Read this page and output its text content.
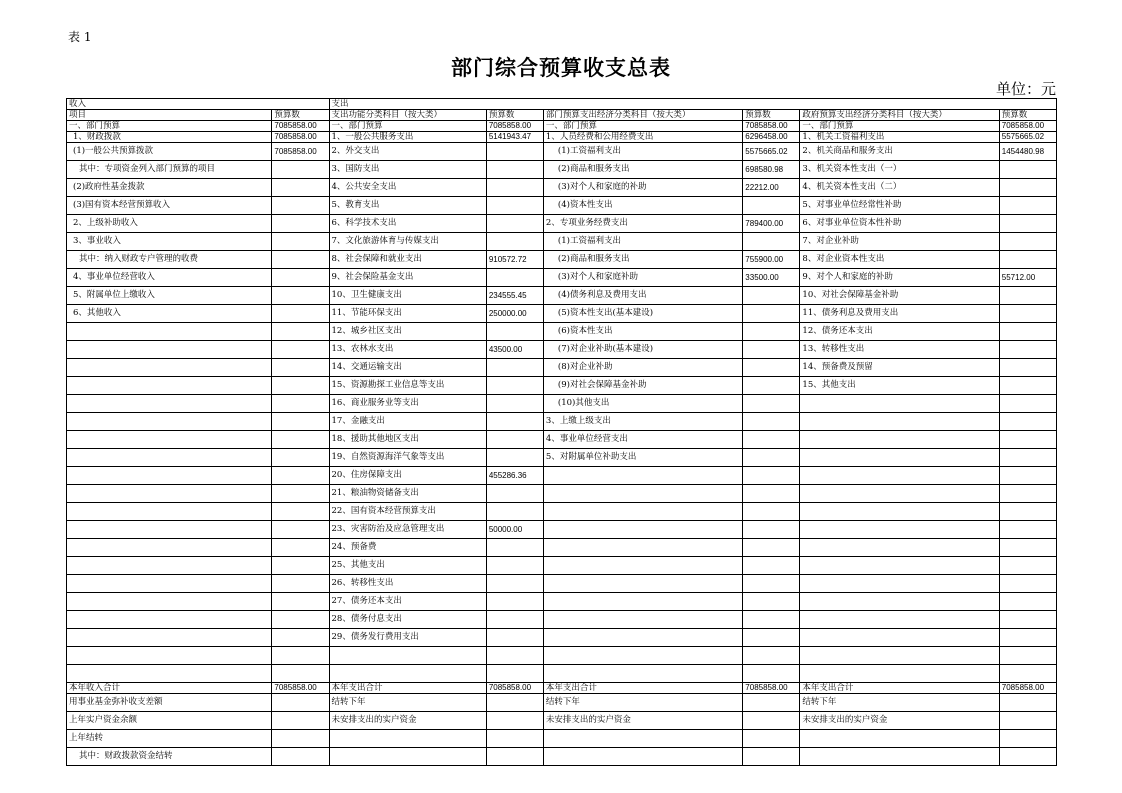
表 1
部门综合预算收支总表
单位：元
收入		支出					
项目	预算数	支出功能分类科目（按大类）	预算数	部门预算支出经济分类科目（按大类）	预算数	政府预算支出经济分类科目（按大类）	预算数
一、部门预算	7085858.00	一、部门预算	7085858.00	一、部门预算	7085858.00	一、部门预算	7085858.00
1、财政拨款	7085858.00	1、一般公共服务支出	5141943.47	1、人员经费和公用经费支出	6296458.00	1、机关工资福利支出	5575665.02
(1)一般公共预算拨款	7085858.00	2、外交支出		(1)工资福利支出	5575665.02	2、机关商品和服务支出	1454480.98
其中：专项资金列入部门预算的项目		3、国防支出		(2)商品和服务支出	698580.98	3、机关资本性支出（一）	
(2)政府性基金拨款		4、公共安全支出		(3)对个人和家庭的补助	22212.00	4、机关资本性支出（二）	
(3)国有资本经营预算收入		5、教育支出		(4)资本性支出		5、对事业单位经常性补助	
2、上级补助收入		6、科学技术支出		2、专项业务经费支出	789400.00	6、对事业单位资本性补助	
3、事业收入		7、文化旅游体育与传媒支出		(1)工资福利支出		7、对企业补助	
其中：纳入财政专户管理的收费		8、社会保障和就业支出	910572.72	(2)商品和服务支出	755900.00	8、对企业资本性支出	
4、事业单位经营收入		9、社会保险基金支出		(3)对个人和家庭补助	33500.00	9、对个人和家庭的补助	55712.00
5、附属单位上缴收入		10、卫生健康支出	234555.45	(4)债务利息及费用支出		10、对社会保障基金补助	
6、其他收入		11、节能环保支出	250000.00	(5)资本性支出(基本建设)		11、债务利息及费用支出	
		12、城乡社区支出		(6)资本性支出		12、债务还本支出	
		13、农林水支出	43500.00	(7)对企业补助(基本建设)		13、转移性支出	
		14、交通运输支出		(8)对企业补助		14、预备费及预留	
		15、资源勘探工业信息等支出		(9)对社会保障基金补助		15、其他支出	
		16、商业服务业等支出		(10)其他支出			
		17、金融支出		3、上缴上级支出			
		18、援助其他地区支出		4、事业单位经营支出			
		19、自然资源海洋气象等支出		5、对附属单位补助支出			
		20、住房保障支出	455286.36				
		21、粮油物资储备支出					
		22、国有资本经营预算支出					
		23、灾害防治及应急管理支出	50000.00				
		24、预备费					
		25、其他支出					
		26、转移性支出					
		27、债务还本支出					
		28、债务付息支出					
		29、债务发行费用支出					

本年收入合计	7085858.00	本年支出合计	7085858.00	本年支出合计	7085858.00	本年支出合计	7085858.00
用事业基金弥补收支差额		结转下年		结转下年		结转下年	
上年实户资金余额		未安排支出的实户资金		未安排支出的实户资金		未安排支出的实户资金	
上年结转							
其中：财政拨款资金结转							
